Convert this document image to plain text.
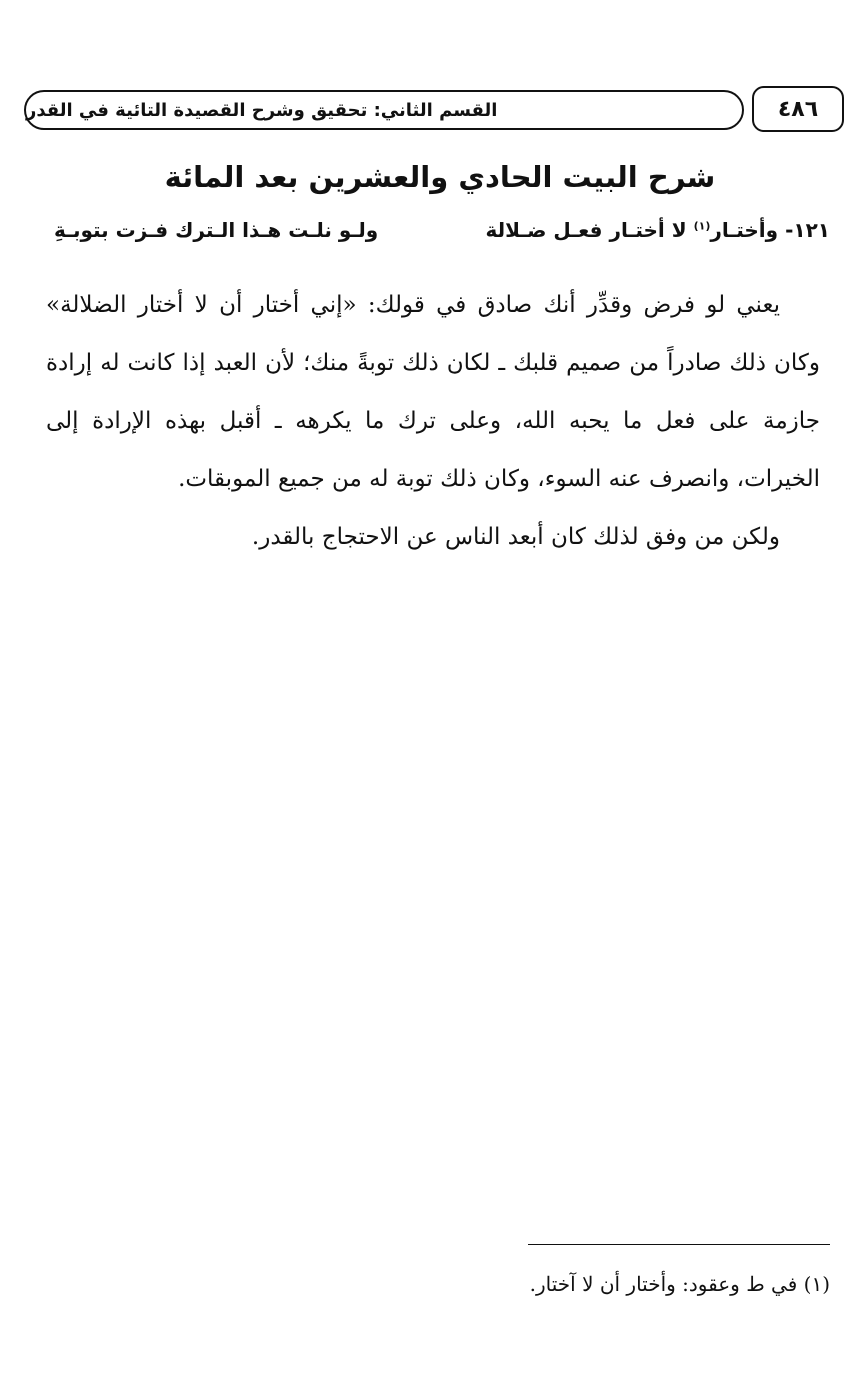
القسم الثاني: تحقيق وشرح القصيدة التائية في القدر	٤٨٦
شرح البيت الحادي والعشرين بعد المائة
١٢١- وأختـار$^{(١)}$ لا أختـار فعـل ضـلالة
ولـو نلـت هـذا الـترك فـزت بتوبـةِ

يعني لو فرض وقدِّر أنك صادق في قولك: «إني أختار أن لا أختار الضلالة» وكان ذلك صادراً من صميم قلبك ـ لكان ذلك توبةً منك؛ لأن العبد إذا كانت له إرادة جازمة على فعل ما يحبه الله، وعلى ترك ما يكرهه ـ أقبل بهذه الإرادة إلى الخيرات، وانصرف عنه السوء، وكان ذلك توبة له من جميع الموبقات.

ولكن من وفق لذلك كان أبعد الناس عن الاحتجاج بالقدر.

(١) في ط وعقود: وأختار أن لا آختار.
